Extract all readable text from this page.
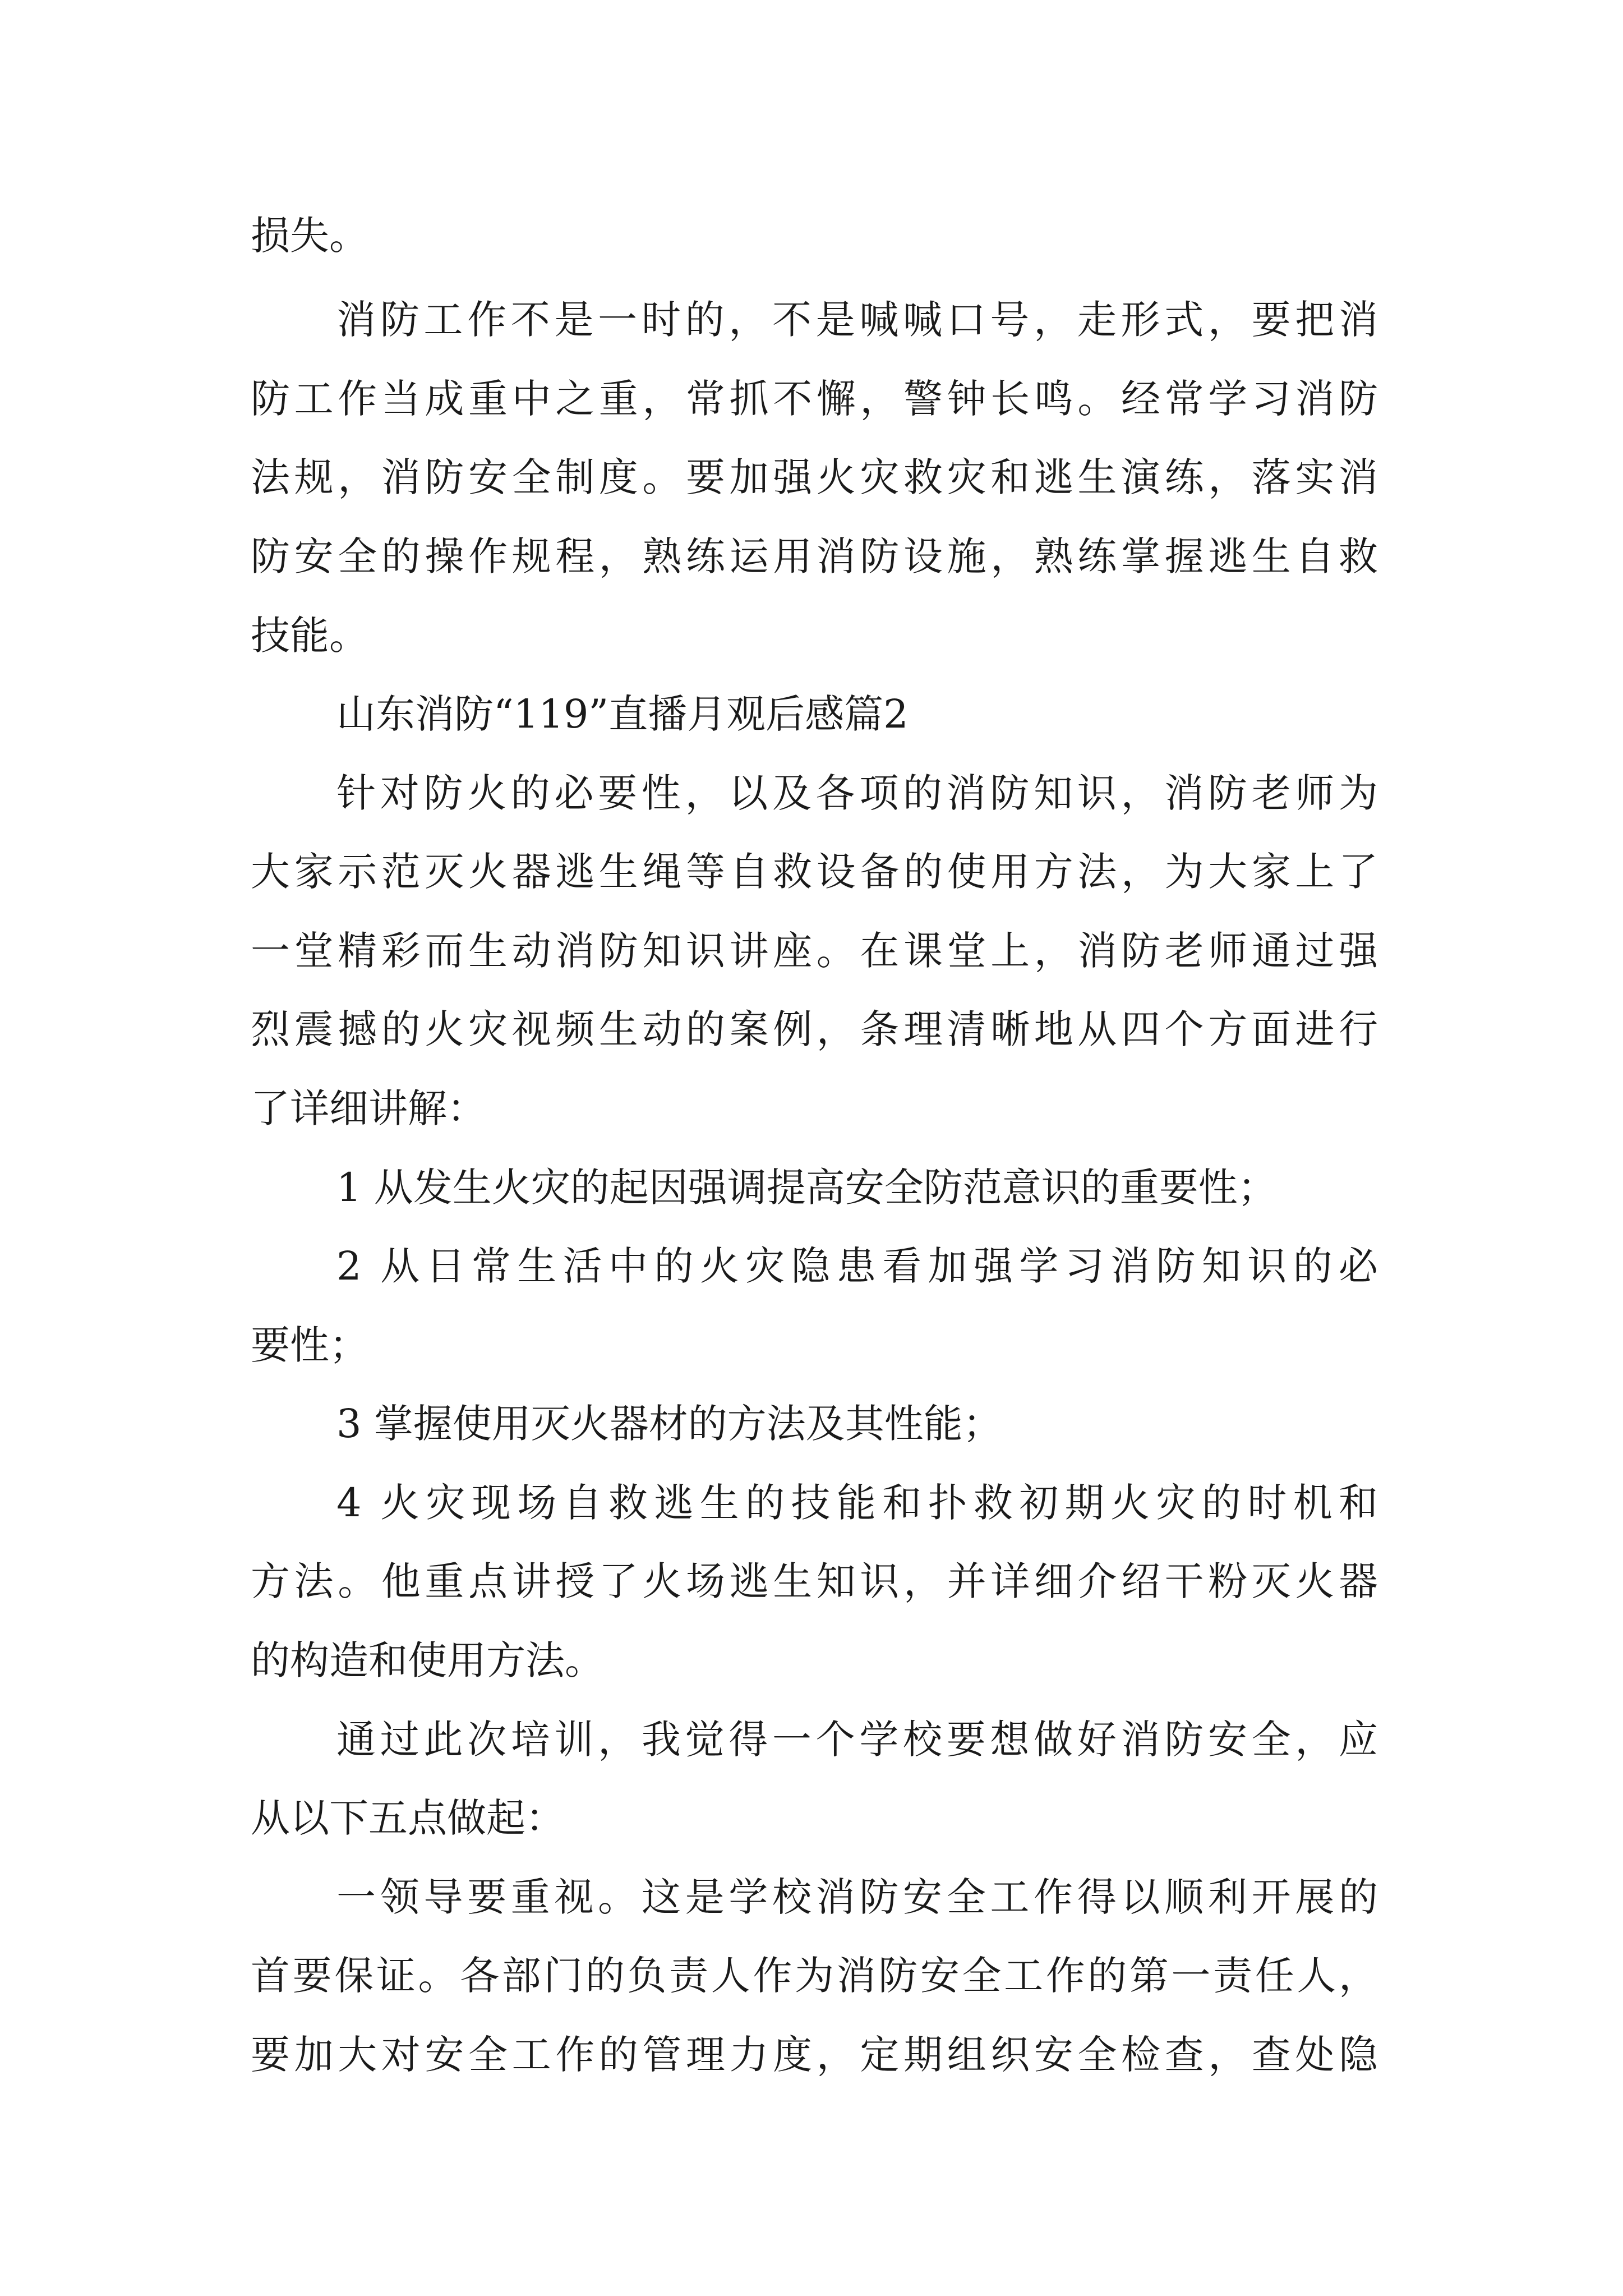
损失。
消防工作不是一时的，不是喊喊口号，走形式，要把消
防工作当成重中之重，常抓不懈，警钟长鸣。经常学习消防
法规，消防安全制度。要加强火灾救灾和逃生演练，落实消
防安全的操作规程，熟练运用消防设施，熟练掌握逃生自救
技能。
山东消防“119”直播月观后感篇2
针对防火的必要性，以及各项的消防知识，消防老师为
大家示范灭火器逃生绳等自救设备的使用方法，为大家上了
一堂精彩而生动消防知识讲座。在课堂上，消防老师通过强
烈震撼的火灾视频生动的案例，条理清晰地从四个方面进行
了详细讲解：
1 从发生火灾的起因强调提高安全防范意识的重要性；
2 从日常生活中的火灾隐患看加强学习消防知识的必
要性；
3 掌握使用灭火器材的方法及其性能；
4 火灾现场自救逃生的技能和扑救初期火灾的时机和
方法。他重点讲授了火场逃生知识，并详细介绍干粉灭火器
的构造和使用方法。
通过此次培训，我觉得一个学校要想做好消防安全，应
从以下五点做起：
一领导要重视。这是学校消防安全工作得以顺利开展的
首要保证。各部门的负责人作为消防安全工作的第一责任人，
要加大对安全工作的管理力度，定期组织安全检查，查处隐
